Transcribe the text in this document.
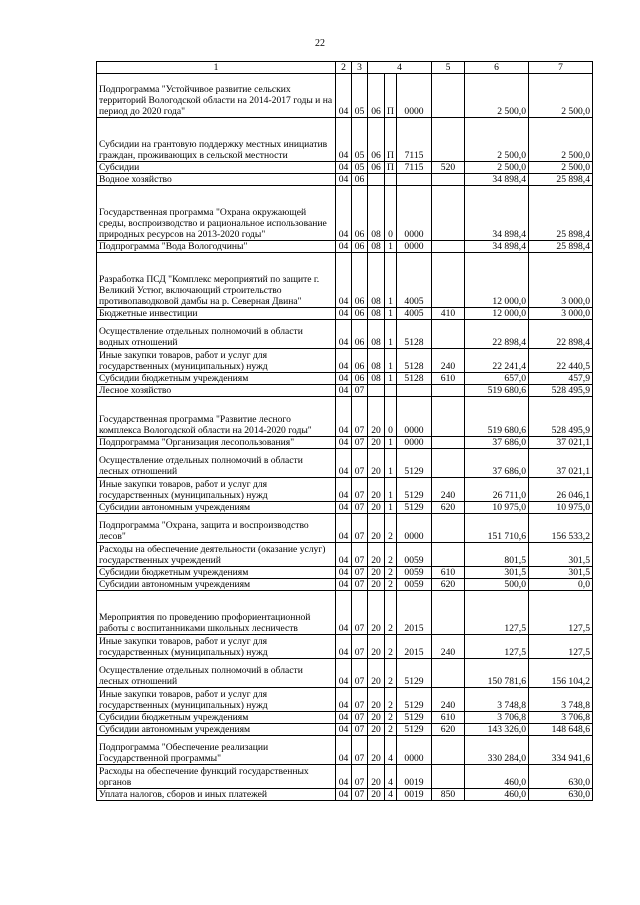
22
1	2	3	4			5	6	7
Подпрограмма "Устойчивое развитие сельских территорий Вологодской области на 2014-2017 годы и на период до 2020 года"	04	05	06	П	0000		2 500,0	2 500,0
Субсидии на грантовую поддержку местных инициатив граждан, проживающих в сельской местности	04	05	06	П	7115		2 500,0	2 500,0
Субсидии	04	05	06	П	7115	520	2 500,0	2 500,0
Водное хозяйство	04	06					34 898,4	25 898,4
Государственная программа "Охрана окружающей среды, воспроизводство и рациональное использование природных ресурсов на 2013-2020 годы"	04	06	08	0	0000		34 898,4	25 898,4
Подпрограмма "Вода Вологодчины"	04	06	08	1	0000		34 898,4	25 898,4
Разработка ПСД "Комплекс мероприятий по защите г. Великий Устюг, включающий строительство противопаводковой дамбы на р. Северная Двина"	04	06	08	1	4005		12 000,0	3 000,0
Бюджетные инвестиции	04	06	08	1	4005	410	12 000,0	3 000,0
Осуществление отдельных полномочий в области водных отношений	04	06	08	1	5128		22 898,4	22 898,4
Иные закупки товаров, работ и услуг для государственных (муниципальных) нужд	04	06	08	1	5128	240	22 241,4	22 440,5
Субсидии бюджетным учреждениям	04	06	08	1	5128	610	657,0	457,9
Лесное хозяйство	04	07					519 680,6	528 495,9
Государственная программа "Развитие лесного комплекса Вологодской области на 2014-2020 годы"	04	07	20	0	0000		519 680,6	528 495,9
Подпрограмма "Организация лесопользования"	04	07	20	1	0000		37 686,0	37 021,1
Осуществление отдельных полномочий в области лесных отношений	04	07	20	1	5129		37 686,0	37 021,1
Иные закупки товаров, работ и услуг для государственных (муниципальных) нужд	04	07	20	1	5129	240	26 711,0	26 046,1
Субсидии автономным учреждениям	04	07	20	1	5129	620	10 975,0	10 975,0
Подпрограмма "Охрана, защита и воспроизводство лесов"	04	07	20	2	0000		151 710,6	156 533,2
Расходы на обеспечение деятельности (оказание услуг) государственных учреждений	04	07	20	2	0059		801,5	301,5
Субсидии бюджетным учреждениям	04	07	20	2	0059	610	301,5	301,5
Субсидии автономным учреждениям	04	07	20	2	0059	620	500,0	0,0
Мероприятия по проведению профориентационной работы с воспитанниками школьных лесничеств	04	07	20	2	2015		127,5	127,5
Иные закупки товаров, работ и услуг для государственных (муниципальных) нужд	04	07	20	2	2015	240	127,5	127,5
Осуществление отдельных полномочий в области лесных отношений	04	07	20	2	5129		150 781,6	156 104,2
Иные закупки товаров, работ и услуг для государственных (муниципальных) нужд	04	07	20	2	5129	240	3 748,8	3 748,8
Субсидии бюджетным учреждениям	04	07	20	2	5129	610	3 706,8	3 706,8
Субсидии автономным учреждениям	04	07	20	2	5129	620	143 326,0	148 648,6
Подпрограмма "Обеспечение реализации Государственной программы"	04	07	20	4	0000		330 284,0	334 941,6
Расходы на обеспечение функций государственных органов	04	07	20	4	0019		460,0	630,0
Уплата налогов, сборов и иных платежей	04	07	20	4	0019	850	460,0	630,0
